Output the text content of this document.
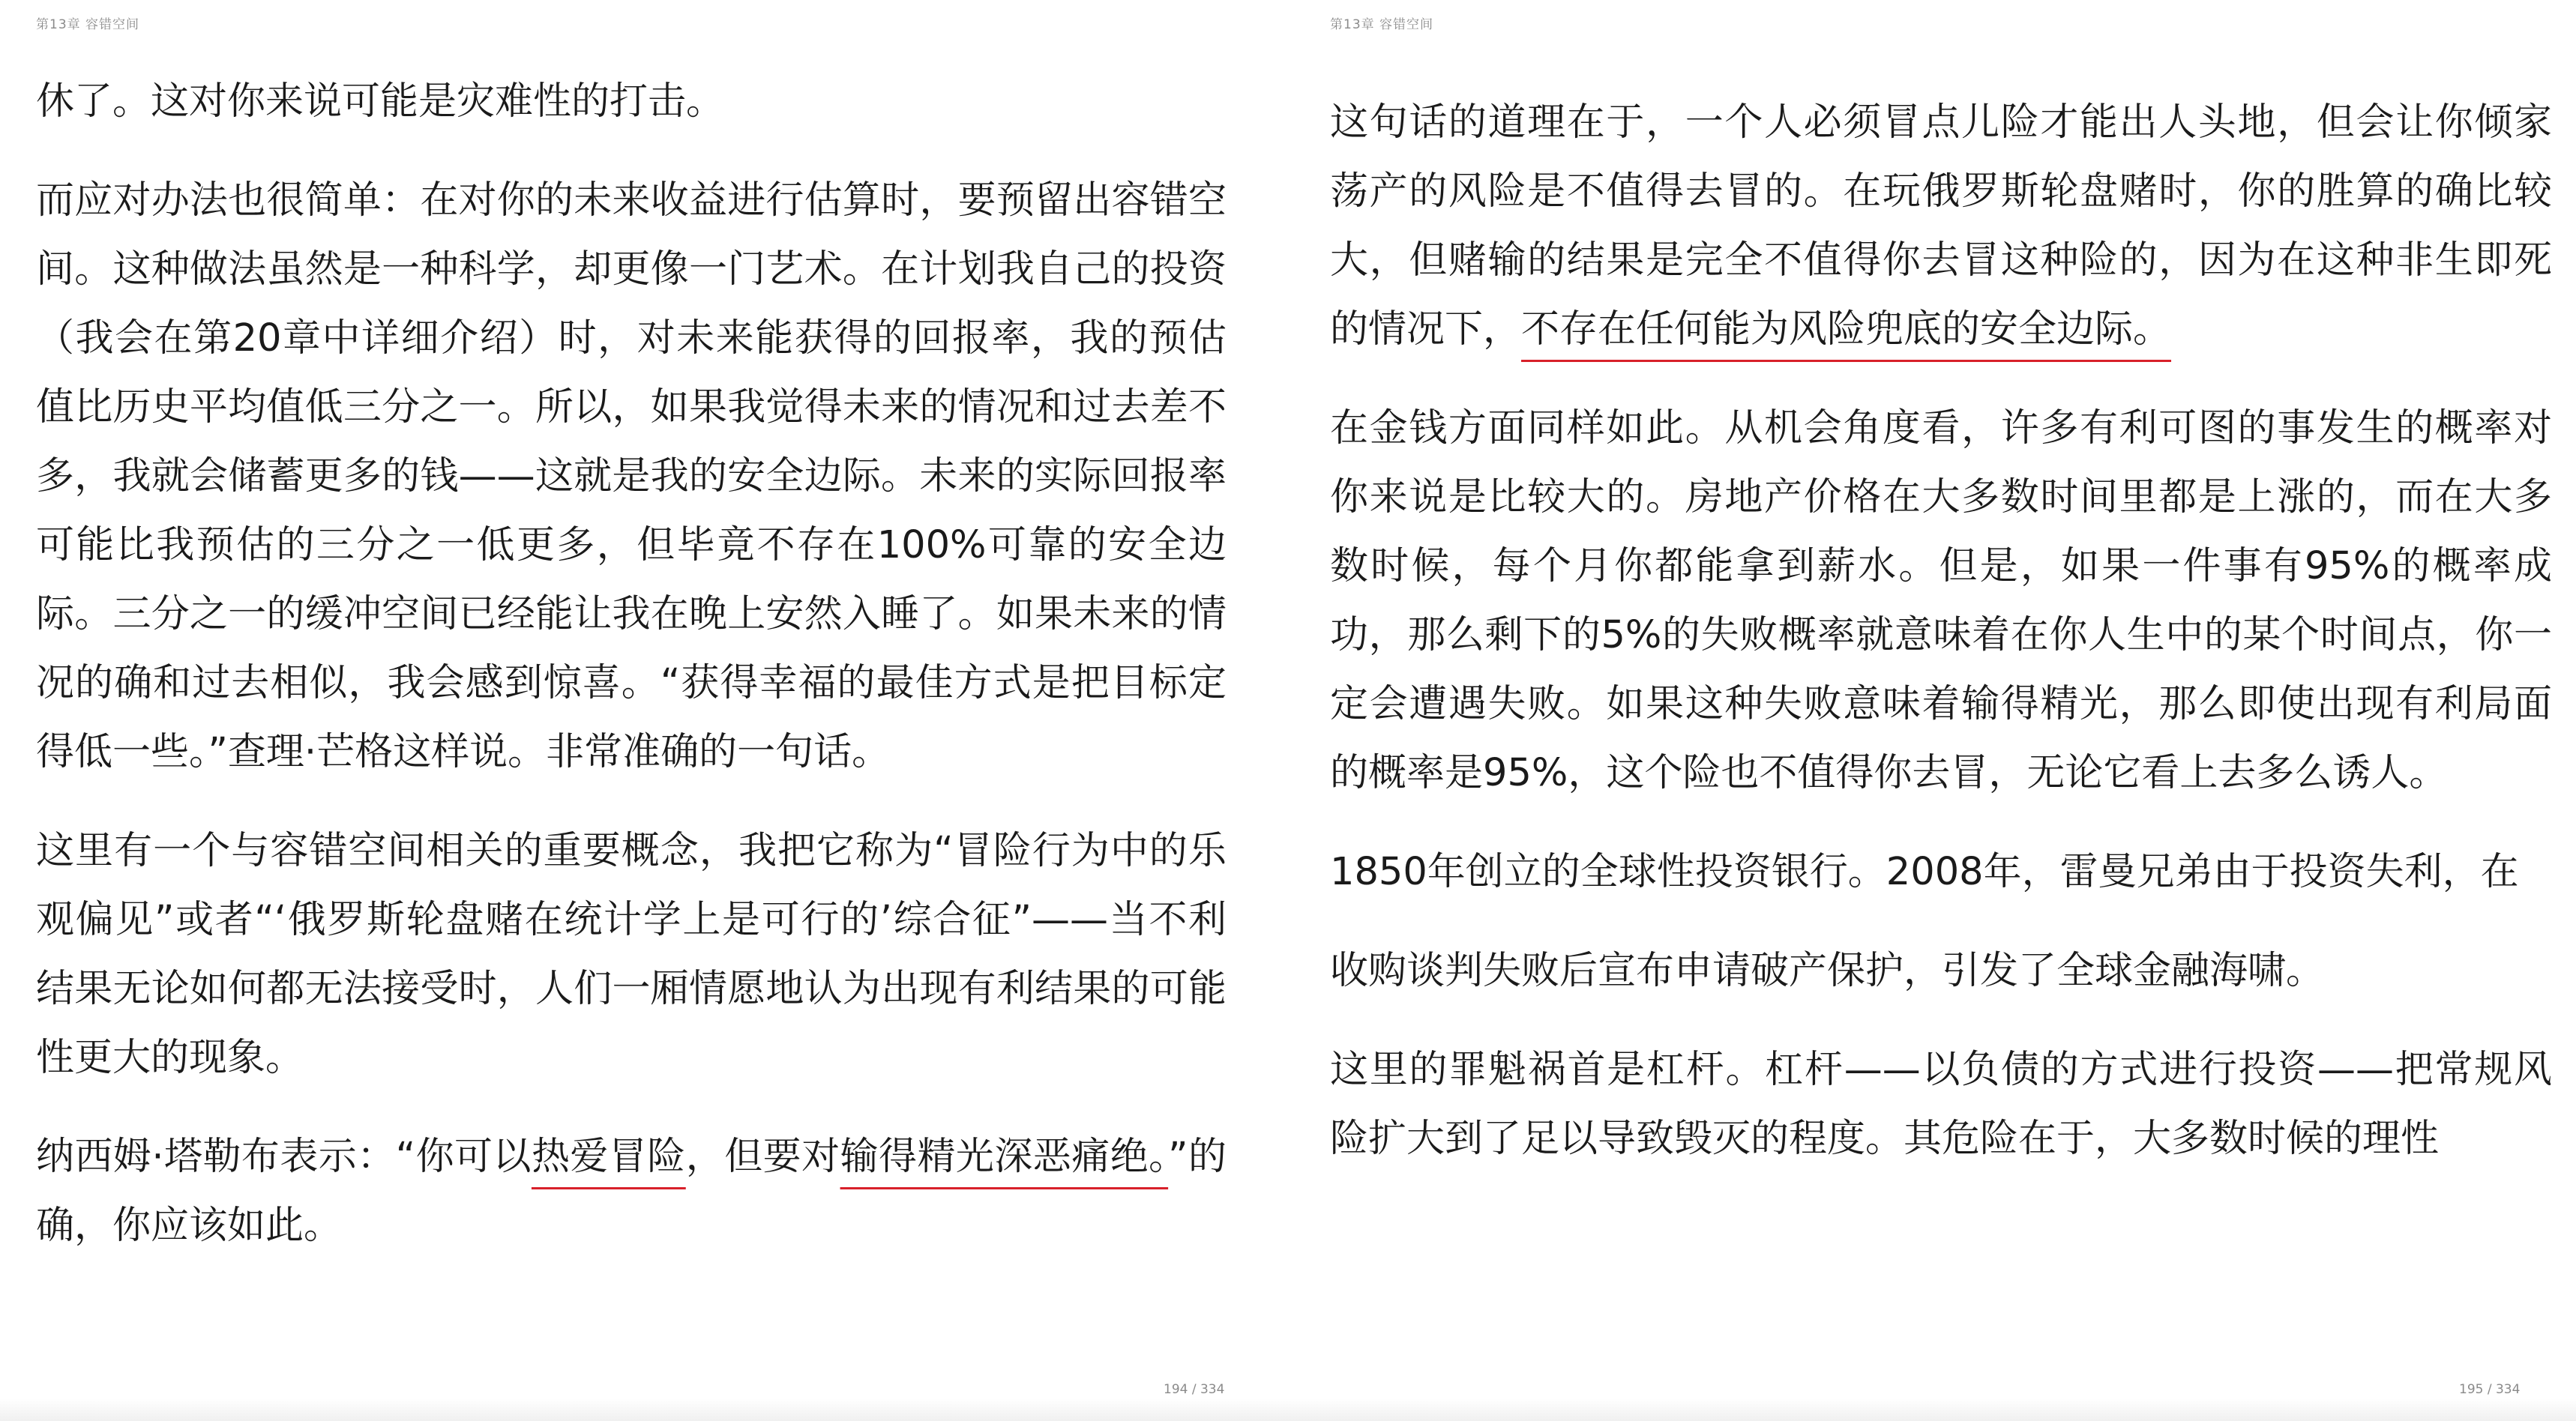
第13章 容错空间

休了。这对你来说可能是灾难性的打击。

而应对办法也很简单：在对你的未来收益进行估算时，要预留出容错空间。这种做法虽然是一种科学，却更像一门艺术。在计划我自己的投资（我会在第20章中详细介绍）时，对未来能获得的回报率，我的预估值比历史平均值低三分之一。所以，如果我觉得未来的情况和过去差不多，我就会储蓄更多的钱——这就是我的安全边际。未来的实际回报率可能比我预估的三分之一低更多，但毕竟不存在100%可靠的安全边际。三分之一的缓冲空间已经能让我在晚上安然入睡了。如果未来的情况的确和过去相似，我会感到惊喜。“获得幸福的最佳方式是把目标定得低一些。”查理·芒格这样说。非常准确的一句话。

这里有一个与容错空间相关的重要概念，我把它称为“冒险行为中的乐观偏见”或者“‘俄罗斯轮盘赌在统计学上是可行的’综合征”——当不利结果无论如何都无法接受时，人们一厢情愿地认为出现有利结果的可能性更大的现象。

纳西姆·塔勒布表示：“你可以热爱冒险，但要对输得精光深恶痛绝。”的确，你应该如此。

194 / 334
第13章 容错空间

这句话的道理在于，一个人必须冒点儿险才能出人头地，但会让你倾家荡产的风险是不值得去冒的。在玩俄罗斯轮盘赌时，你的胜算的确比较大，但赌输的结果是完全不值得你去冒这种险的，因为在这种非生即死的情况下，不存在任何能为风险兜底的安全边际。

在金钱方面同样如此。从机会角度看，许多有利可图的事发生的概率对你来说是比较大的。房地产价格在大多数时间里都是上涨的，而在大多数时候，每个月你都能拿到薪水。但是，如果一件事有95%的概率成功，那么剩下的5%的失败概率就意味着在你人生中的某个时间点，你一定会遭遇失败。如果这种失败意味着输得精光，那么即使出现有利局面的概率是95%，这个险也不值得你去冒，无论它看上去多么诱人。

1850年创立的全球性投资银行。2008年，雷曼兄弟由于投资失利，在

收购谈判失败后宣布申请破产保护，引发了全球金融海啸。

这里的罪魁祸首是杠杆。杠杆——以负债的方式进行投资——把常规风险扩大到了足以导致毁灭的程度。其危险在于，大多数时候的理性

195 / 334
